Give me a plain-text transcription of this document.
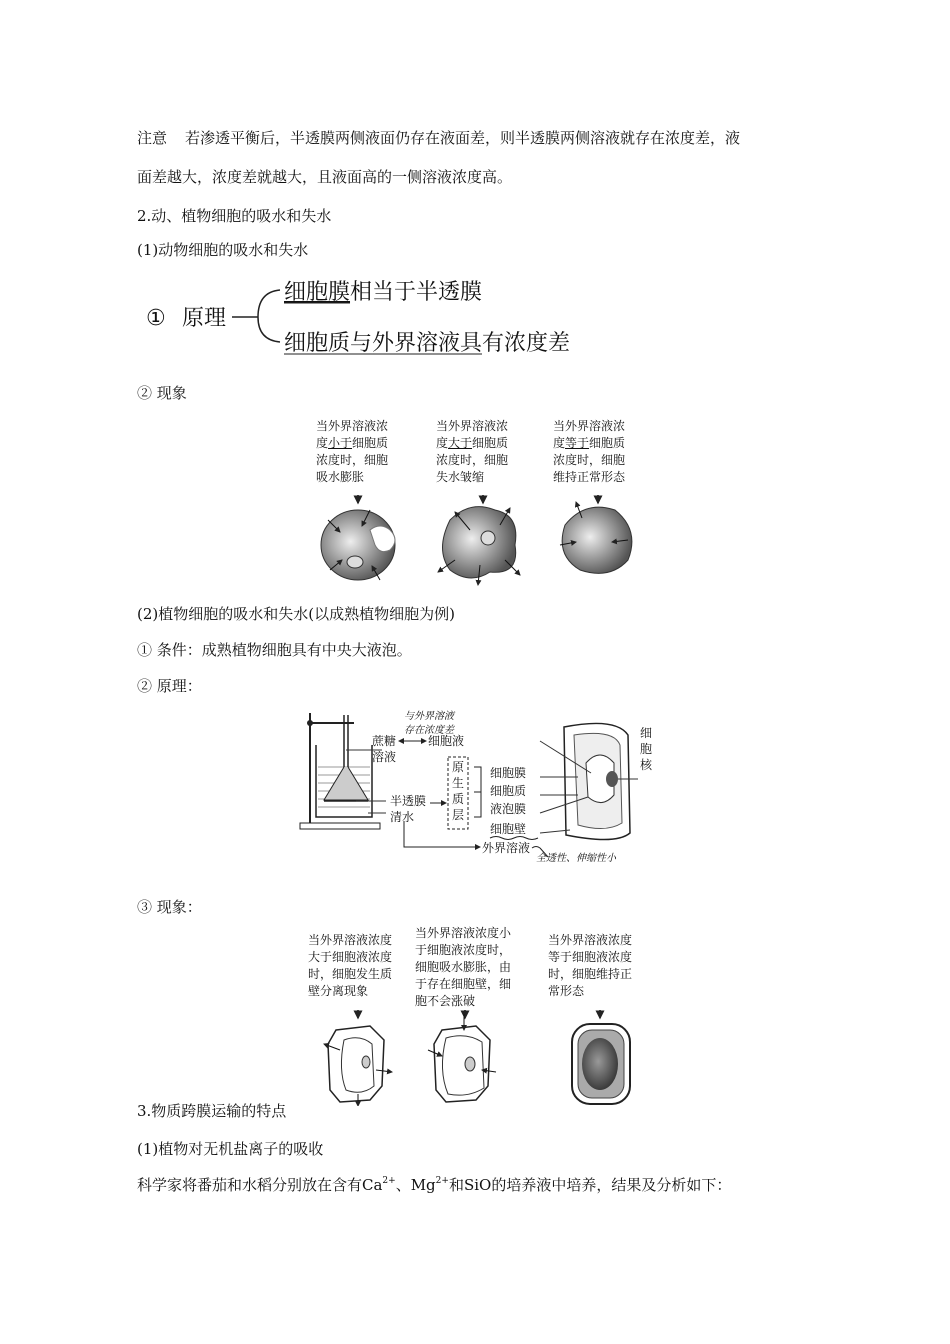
注意 若渗透平衡后，半透膜两侧液面仍存在液面差，则半透膜两侧溶液就存在浓度差，液
面差越大，浓度差就越大，且液面高的一侧溶液浓度高。
2.动、植物细胞的吸水和失水
(1)动物细胞的吸水和失水
① 原理
细胞膜相当于半透膜
细胞质与外界溶液具有浓度差
② 现象
当外界溶液浓
度小于细胞质
浓度时，细胞
吸水膨胀
当外界溶液浓
度大于细胞质
浓度时，细胞
失水皱缩
当外界溶液浓
度等于细胞质
浓度时，细胞
维持正常形态
(2)植物细胞的吸水和失水(以成熟植物细胞为例)
① 条件：成熟植物细胞具有中央大液泡。
② 原理：
蔗糖
溶液
与外界溶液
存在浓度差
细胞液
半透膜
清水
原
生
质
层
细胞膜
细胞质
液泡膜
细胞壁
外界溶液
全透性、伸缩性小
细
胞
核
③ 现象：
当外界溶液浓度
大于细胞液浓度
时，细胞发生质
壁分离现象
当外界溶液浓度小
于细胞液浓度时，
细胞吸水膨胀，由
于存在细胞壁，细
胞不会涨破
当外界溶液浓度
等于细胞液浓度
时，细胞维持正
常形态
3.物质跨膜运输的特点
(1)植物对无机盐离子的吸收
科学家将番茄和水稻分别放在含有$Ca^{2+}$、$Mg^{2+}$和SiO的培养液中培养，结果及分析如下：
